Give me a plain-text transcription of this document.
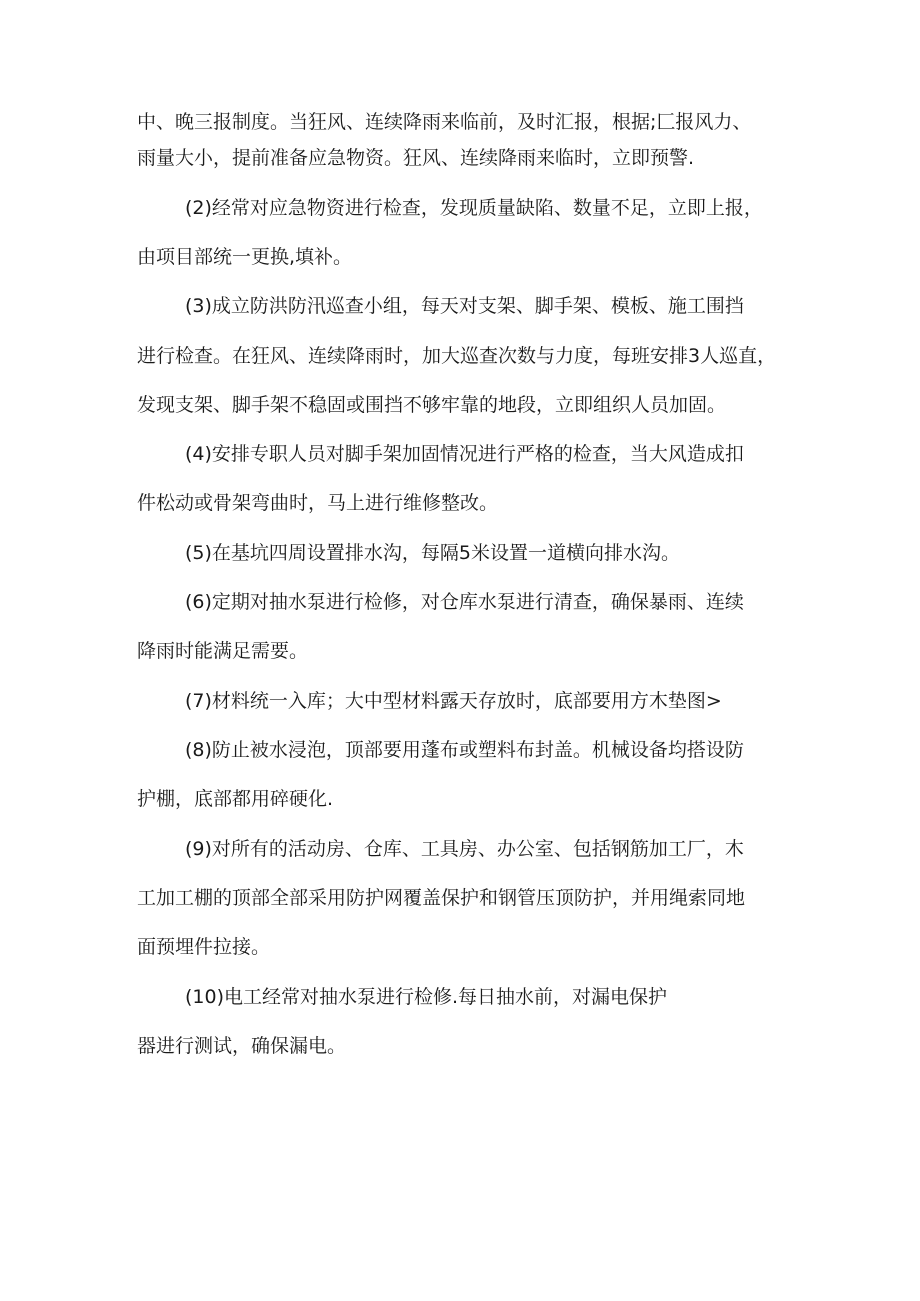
中、晚三报制度。当狂风、连续降雨来临前，及时汇报，根据;匚报风力、
雨量大小，提前准备应急物资。狂风、连续降雨来临时，立即预警.
(2)经常对应急物资进行检查，发现质量缺陷、数量不足，立即上报，
由项目部统一更换,填补。
(3)成立防洪防汛巡查小组，每天对支架、脚手架、模板、施工围挡
进行检查。在狂风、连续降雨时，加大巡查次数与力度，每班安排3人巡直，
发现支架、脚手架不稳固或围挡不够牢靠的地段，立即组织人员加固。
(4)安排专职人员对脚手架加固情况进行严格的检查，当大风造成扣
件松动或骨架弯曲时，马上进行维修整改。
(5)在基坑四周设置排水沟，每隔5米设置一道横向排水沟。
(6)定期对抽水泵进行检修，对仓库水泵进行清查，确保暴雨、连续
降雨时能满足需要。
(7)材料统一入库；大中型材料露天存放时，底部要用方木垫图>
(8)防止被水浸泡，顶部要用蓬布或塑料布封盖。机械设备均搭设防
护棚，底部都用碎硬化.
(9)对所有的活动房、仓库、工具房、办公室、包括钢筋加工厂，木
工加工棚的顶部全部采用防护网覆盖保护和钢管压顶防护，并用绳索同地
面预埋件拉接。
(10)电工经常对抽水泵进行检修.每日抽水前，对漏电保护
器进行测试，确保漏电。
